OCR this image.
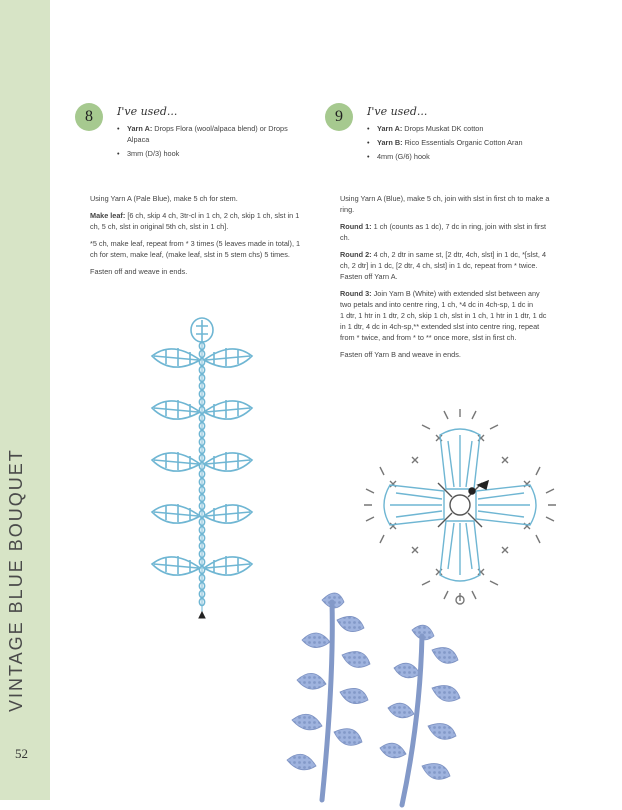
VINTAGE BLUE BOUQUET
52
8	I've used...
• Yarn A: Drops Flora (wool/alpaca blend) or Drops Alpaca
• 3mm (D/3) hook

Using Yarn A (Pale Blue), make 5 ch for stem.

Make leaf: [6 ch, skip 4 ch, 3tr-cl in 1 ch, 2 ch, skip 1 ch, slst in 1 ch, 5 ch, slst in original 5th ch, slst in 1 ch].

*5 ch, make leaf, repeat from * 3 times (5 leaves made in total), 1 ch for stem, make leaf, (make leaf, slst in 5 stem chs) 5 times.

Fasten off and weave in ends.

9	I've used...
• Yarn A: Drops Muskat DK cotton
• Yarn B: Rico Essentials Organic Cotton Aran
• 4mm (G/6) hook

Using Yarn A (Blue), make 5 ch, join with slst in first ch to make a ring.

Round 1: 1 ch (counts as 1 dc), 7 dc in ring, join with slst in first ch.

Round 2: 4 ch, 2 dtr in same st, [2 dtr, 4ch, slst] in 1 dc, *[slst, 4 ch, 2 dtr] in 1 dc, [2 dtr, 4 ch, slst] in 1 dc, repeat from * twice. Fasten off Yarn A.

Round 3: Join Yarn B (White) with extended slst between any two petals and into centre ring, 1 ch, *4 dc in 4ch-sp, 1 dc in

1 dtr, 1 htr in 1 dtr, 2 ch, skip 1 ch, slst in 1 ch, 1 htr in 1 dtr, 1 dc in 1 dtr, 4 dc in 4ch-sp,** extended slst into centre ring, repeat from * twice, and from * to ** once more, slst in first ch.

Fasten off Yarn B and weave in ends.

PassionForum.ru
